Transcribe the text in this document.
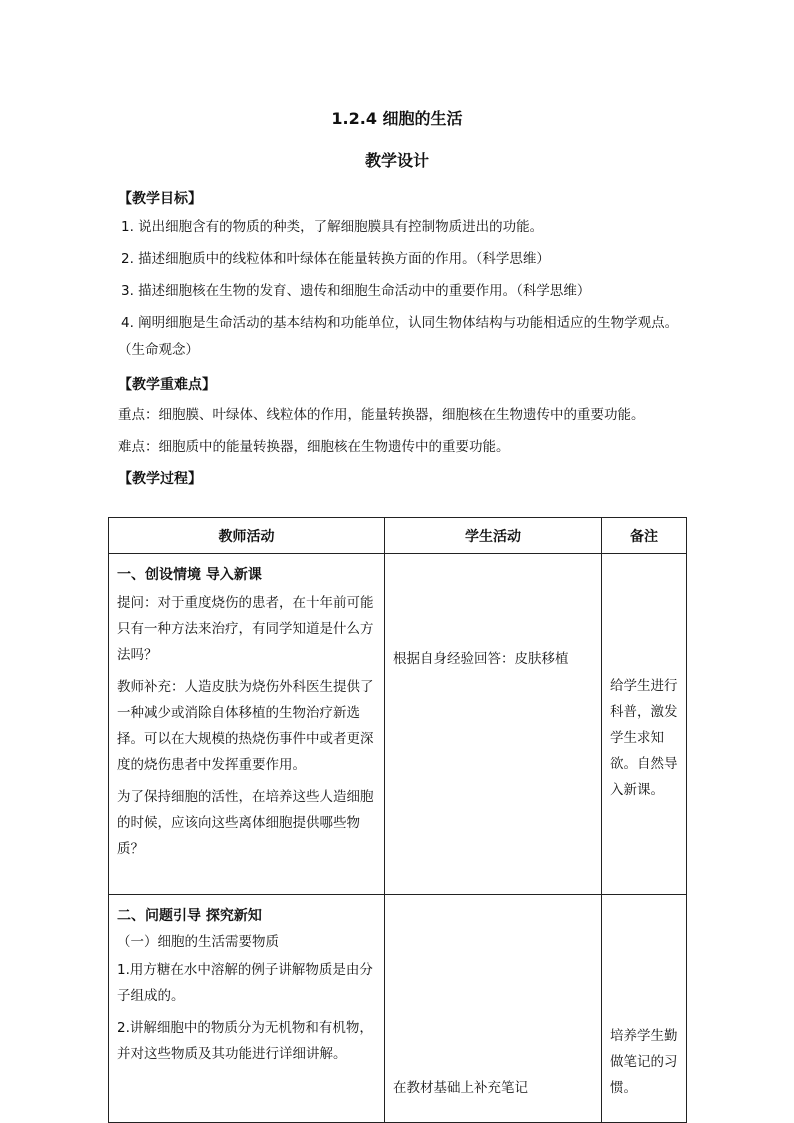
1.2.4 细胞的生活
教学设计
【教学目标】
1. 说出细胞含有的物质的种类，了解细胞膜具有控制物质进出的功能。
2. 描述细胞质中的线粒体和叶绿体在能量转换方面的作用。（科学思维）
3. 描述细胞核在生物的发育、遗传和细胞生命活动中的重要作用。（科学思维）
4. 阐明细胞是生命活动的基本结构和功能单位，认同生物体结构与功能相适应的生物学观点。（生命观念）
【教学重难点】
重点：细胞膜、叶绿体、线粒体的作用，能量转换器，细胞核在生物遗传中的重要功能。
难点：细胞质中的能量转换器，细胞核在生物遗传中的重要功能。
【教学过程】
教师活动	学生活动	备注

一、创设情境 导入新课
提问：对于重度烧伤的患者，在十年前可能只有一种方法来治疗，有同学知道是什么方法吗？
教师补充：人造皮肤为烧伤外科医生提供了一种减少或消除自体移植的生物治疗新选择。可以在大规模的热烧伤事件中或者更深度的烧伤患者中发挥重要作用。
为了保持细胞的活性，在培养这些人造细胞的时候，应该向这些离体细胞提供哪些物质？	根据自身经验回答：皮肤移植	给学生进行科普，激发学生求知欲。自然导入新课。

二、问题引导 探究新知
（一）细胞的生活需要物质
1.用方糖在水中溶解的例子讲解物质是由分子组成的。
2.讲解细胞中的物质分为无机物和有机物，并对这些物质及其功能进行详细讲解。	在教材基础上补充笔记	培养学生勤做笔记的习惯。
